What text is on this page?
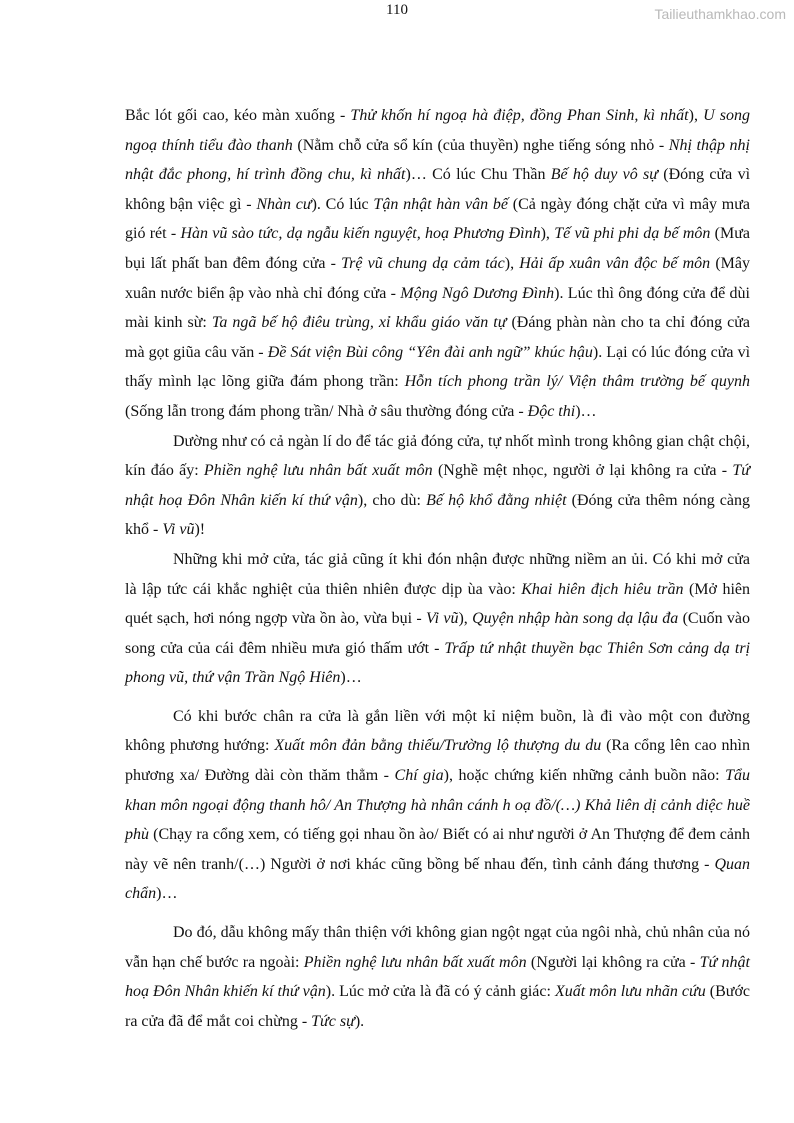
110	Tailieuthamkhao.com

Bắc lót gối cao, kéo màn xuống - Thử khốn hí ngoạ hà điệp, đồng Phan Sinh, kì nhất), U song ngoạ thính tiểu đào thanh (Nằm chỗ cửa sổ kín (của thuyền) nghe tiếng sóng nhỏ - Nhị thập nhị nhật đắc phong, hí trình đồng chu, kì nhất)… Có lúc Chu Thần Bế hộ duy vô sự (Đóng cửa vì không bận việc gì - Nhàn cư). Có lúc Tận nhật hàn vân bế (Cả ngày đóng chặt cửa vì mây mưa gió rét - Hàn vũ sào tức, dạ ngẫu kiến nguyệt, hoạ Phương Đình), Tế vũ phi phi dạ bế môn (Mưa bụi lất phất ban đêm đóng cửa - Trệ vũ chung dạ cảm tác), Hải ấp xuân vân độc bế môn (Mây xuân nước biển ập vào nhà chỉ đóng cửa - Mộng Ngô Dương Đình). Lúc thì ông đóng cửa để dùi mài kinh sừ: Ta ngã bế hộ điêu trùng, xỉ khẩu giáo văn tự (Đáng phàn nàn cho ta chỉ đóng cửa mà gọt giũa câu văn - Đề Sát viện Bùi công “Yên đài anh ngữ” khúc hậu). Lại có lúc đóng cửa vì thấy mình lạc lõng giữa đám phong trần: Hỗn tích phong trần lý/ Viện thâm trường bế quynh (Sống lẫn trong đám phong trần/ Nhà ở sâu thường đóng cửa - Độc thi)…

Dường như có cả ngàn lí do để tác giả đóng cửa, tự nhốt mình trong không gian chật chội, kín đáo ấy: Phiền nghệ lưu nhân bất xuất môn (Nghề mệt nhọc, người ở lại không ra cửa - Tứ nhật hoạ Đôn Nhân kiến kí thứ vận), cho dù: Bế hộ khổ đằng nhiệt (Đóng cửa thêm nóng càng khổ - Vi vũ)!

Những khi mở cửa, tác giả cũng ít khi đón nhận được những niềm an ủi. Có khi mở cửa là lập tức cái khắc nghiệt của thiên nhiên được dịp ùa vào: Khai hiên địch hiêu trần (Mở hiên quét sạch, hơi nóng ngợp vừa ồn ào, vừa bụi - Vi vũ), Quyện nhập hàn song dạ lậu đa (Cuốn vào song cửa của cái đêm nhiều mưa gió thấm ướt - Trấp tứ nhật thuyền bạc Thiên Sơn cảng dạ trị phong vũ, thứ vận Trần Ngộ Hiên)…

Có khi bước chân ra cửa là gắn liền với một kỉ niệm buồn, là đi vào một con đường không phương hướng: Xuất môn đản bằng thiếu/Trường lộ thượng du du (Ra cổng lên cao nhìn phương xa/ Đường dài còn thăm thẳm - Chí gia), hoặc chứng kiến những cảnh buồn não: Tẩu khan môn ngoại động thanh hô/ An Thượng hà nhân cánh h oạ đồ/(…) Khả liên dị cảnh diệc huề phù (Chạy ra cổng xem, có tiếng gọi nhau ồn ào/ Biết có ai như người ở An Thượng để đem cảnh này vẽ nên tranh/(…) Người ở nơi khác cũng bồng bế nhau đến, tình cảnh đáng thương - Quan chẩn)…

Do đó, dẫu không mấy thân thiện với không gian ngột ngạt của ngôi nhà, chủ nhân của nó vẫn hạn chế bước ra ngoài: Phiền nghệ lưu nhân bất xuất môn (Người lại không ra cửa - Tứ nhật hoạ Đôn Nhân khiến kí thứ vận). Lúc mở cửa là đã có ý cảnh giác: Xuất môn lưu nhãn cứu (Bước ra cửa đã để mắt coi chừng - Tức sự).
